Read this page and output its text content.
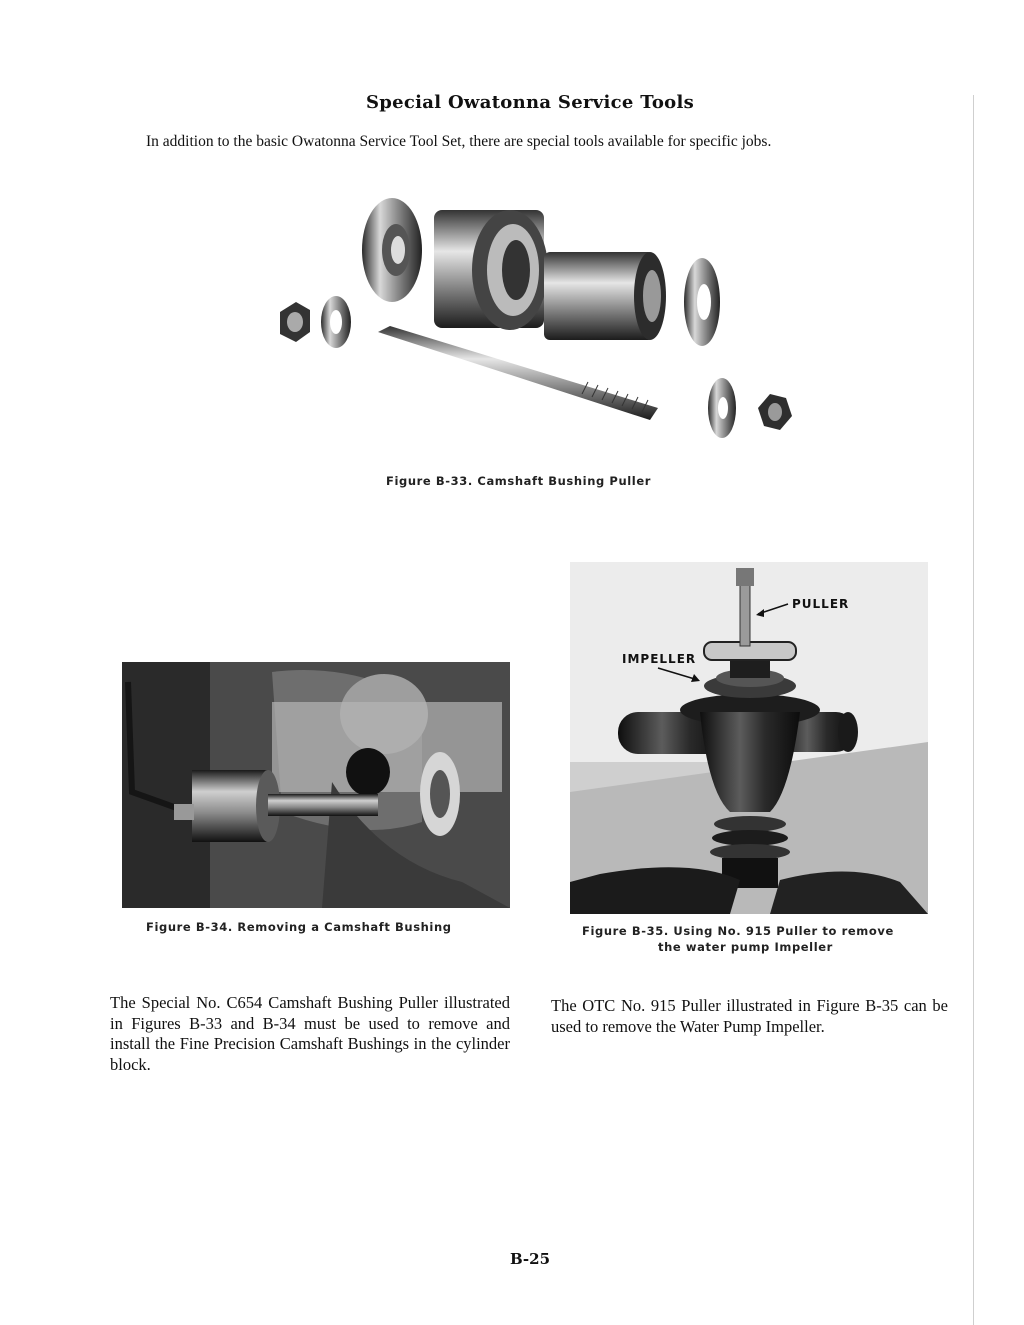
Special Owatonna Service Tools
In addition to the basic Owatonna Service Tool Set, there are special tools available for specific jobs.
Figure B-33. Camshaft Bushing Puller
Figure B-34. Removing a Camshaft Bushing
PULLER
IMPELLER
Figure B-35. Using No. 915 Puller to remove
the water pump Impeller
The Special No. C654 Camshaft Bushing Puller illustrated in Figures B-33 and B-34 must be used to remove and install the Fine Precision Camshaft Bushings in the cylinder block.
The OTC No. 915 Puller illustrated in Figure B-35 can be used to remove the Water Pump Impeller.
B-25
